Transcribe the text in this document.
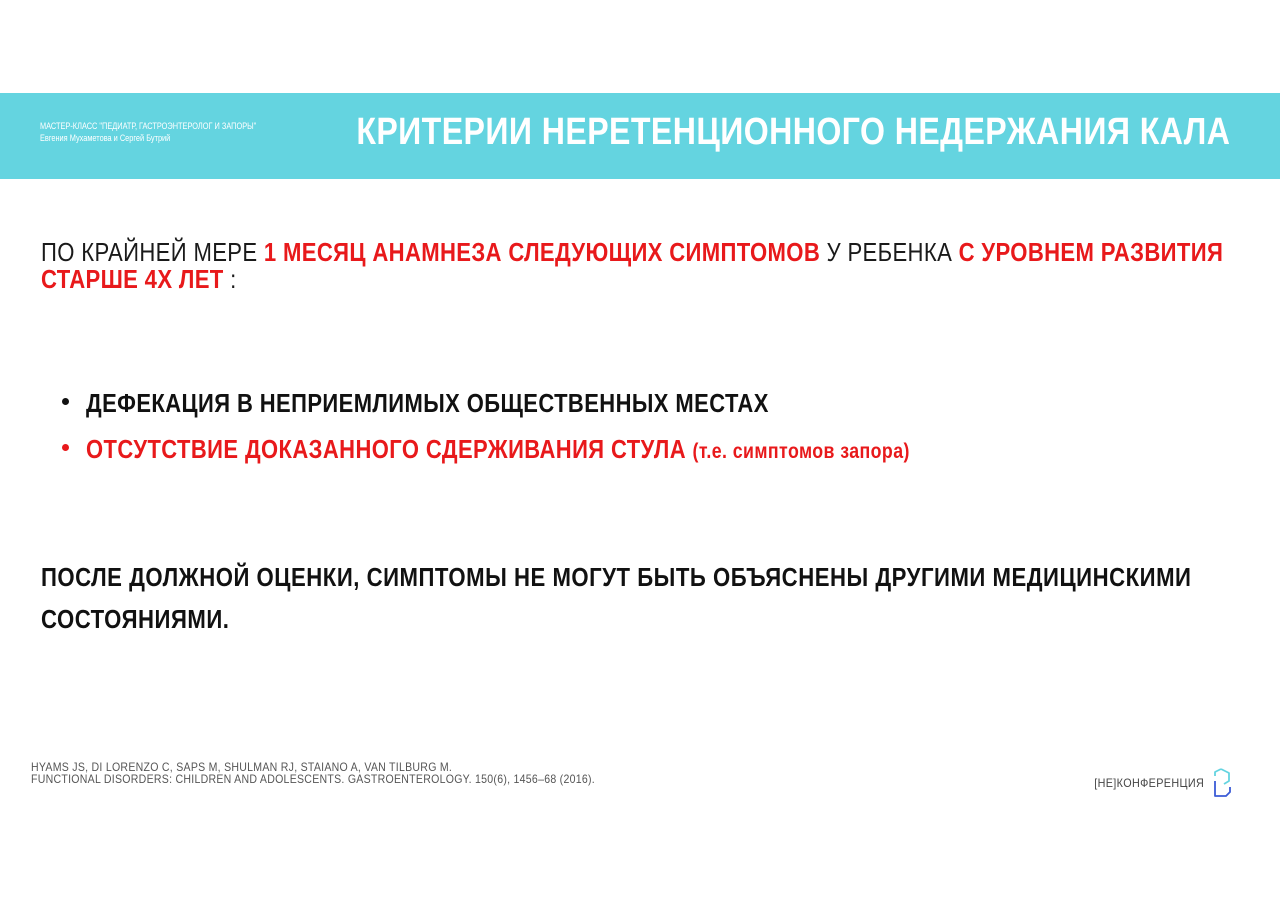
МАСТЕР-КЛАСС "ПЕДИАТР, ГАСТРОЭНТЕРОЛОГ И ЗАПОРЫ"
Евгения Мухаметова и Сергей Бутрий	КРИТЕРИИ НЕРЕТЕНЦИОННОГО НЕДЕРЖАНИЯ КАЛА
ПО КРАЙНЕЙ МЕРЕ 1 МЕСЯЦ АНАМНЕЗА СЛЕДУЮЩИХ СИМПТОМОВ У РЕБЕНКА С УРОВНЕМ РАЗВИТИЯ
СТАРШЕ 4Х ЛЕТ :
ДЕФЕКАЦИЯ В НЕПРИЕМЛИМЫХ ОБЩЕСТВЕННЫХ МЕСТАХ
ОТСУТСТВИЕ ДОКАЗАННОГО СДЕРЖИВАНИЯ СТУЛА (т.е. симптомов запора)
ПОСЛЕ ДОЛЖНОЙ ОЦЕНКИ, СИМПТОМЫ НЕ МОГУТ БЫТЬ ОБЪЯСНЕНЫ ДРУГИМИ МЕДИЦИНСКИМИ
СОСТОЯНИЯМИ.
HYAMS JS, DI LORENZO C, SAPS M, SHULMAN RJ, STAIANO A, VAN TILBURG M.
FUNCTIONAL DISORDERS: CHILDREN AND ADOLESCENTS. GASTROENTEROLOGY. 150(6), 1456–68 (2016).	[НЕ]КОНФЕРЕНЦИЯ
